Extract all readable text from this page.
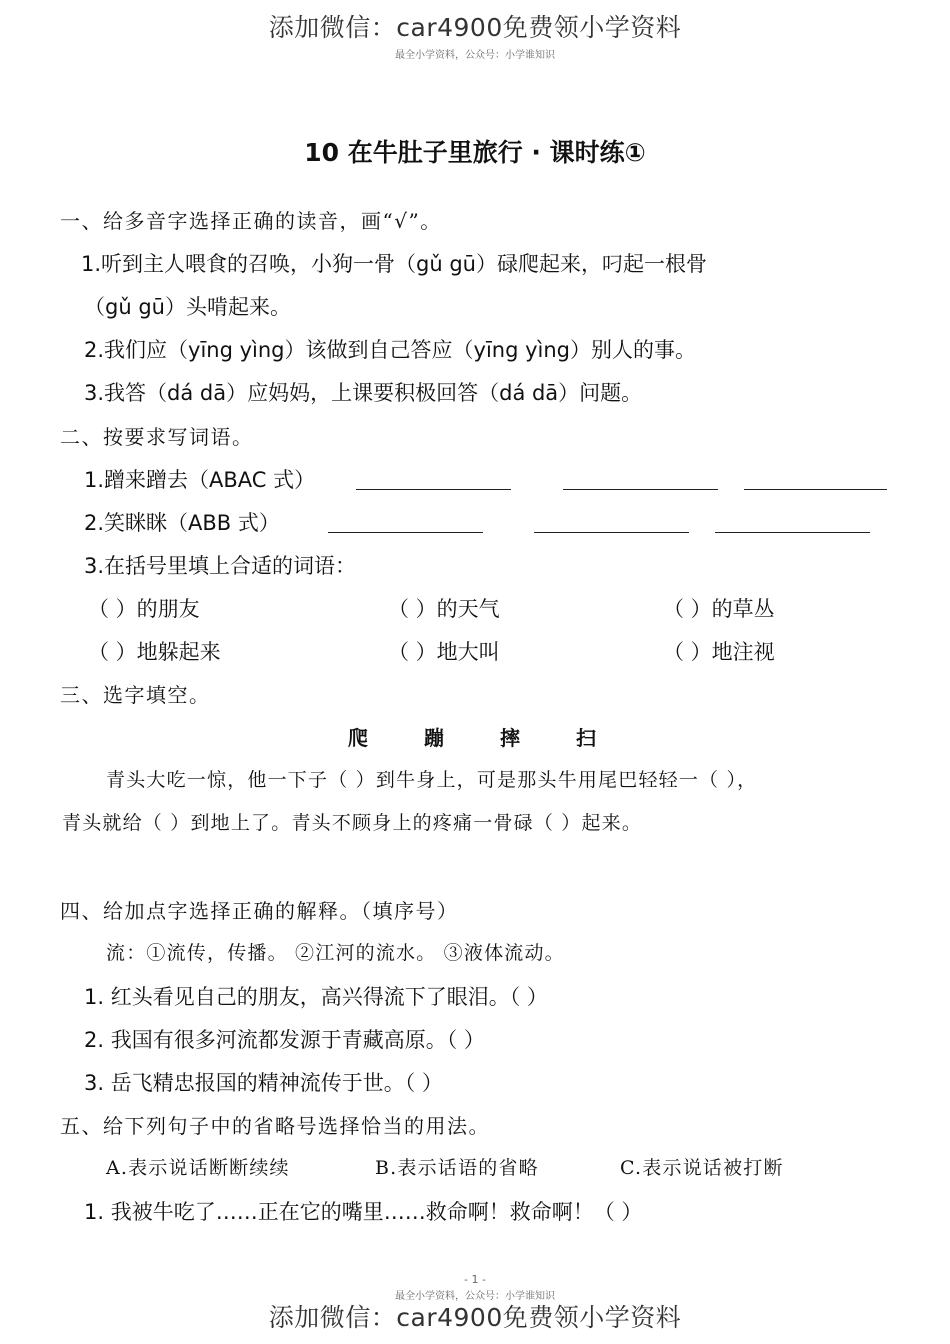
添加微信：car4900免费领小学资料
最全小学资料，公众号：小学谁知识
10 在牛肚子里旅行 · 课时练①
一、给多音字选择正确的读音，画“√”。
1.听到主人喂食的召唤，小狗一骨（gǔ gū）碌爬起来，叼起一根骨
（gǔ gū）头啃起来。
2.我们应（yīng yìng）该做到自己答应（yīng yìng）别人的事。
3.我答（dá dā）应妈妈，上课要积极回答（dá dā）问题。
二、按要求写词语。
1.蹭来蹭去（ABAC 式）
2.笑眯眯（ABB 式）
3.在括号里填上合适的词语：
（ ）的朋友	（ ）的天气	（ ）的草丛
（ ）地躲起来	（ ）地大叫	（ ）地注视
三、选字填空。
爬	蹦	摔	扫
青头大吃一惊，他一下子（ ）到牛身上，可是那头牛用尾巴轻轻一（ ），
青头就给（ ）到地上了。青头不顾身上的疼痛一骨碌（ ）起来。
四、给加点字选择正确的解释。（填序号）
流：①流传，传播。 ②江河的流水。 ③液体流动。
1. 红头看见自己的朋友，高兴得流下了眼泪。（ ）
2. 我国有很多河流都发源于青藏高原。（ ）
3. 岳飞精忠报国的精神流传于世。（ ）
五、给下列句子中的省略号选择恰当的用法。
A.表示说话断断续续	B.表示话语的省略	C.表示说话被打断
1. 我被牛吃了……正在它的嘴里……救命啊！救命啊！（ ）
- 1 -
最全小学资料，公众号：小学谁知识
添加微信：car4900免费领小学资料
